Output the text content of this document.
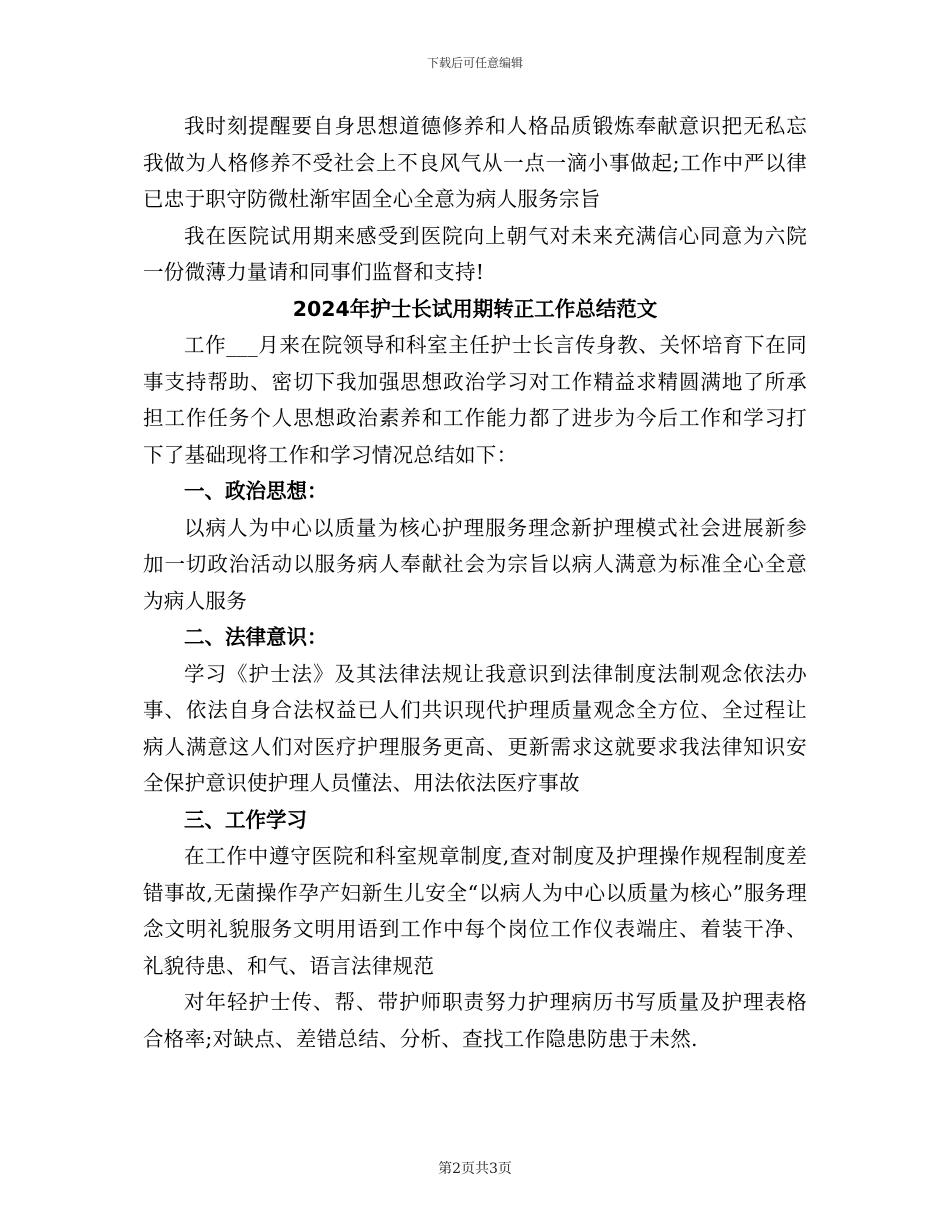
下载后可任意编辑

我时刻提醒要自身思想道德修养和人格品质锻炼奉献意识把无私忘我做为人格修养不受社会上不良风气从一点一滴小事做起;工作中严以律已忠于职守防微杜渐牢固全心全意为病人服务宗旨

我在医院试用期来感受到医院向上朝气对未来充满信心同意为六院一份微薄力量请和同事们监督和支持!

2024年护士长试用期转正工作总结范文

工作___月来在院领导和科室主任护士长言传身教、关怀培育下在同事支持帮助、密切下我加强思想政治学习对工作精益求精圆满地了所承担工作任务个人思想政治素养和工作能力都了进步为今后工作和学习打下了基础现将工作和学习情况总结如下：

一、政治思想：

以病人为中心以质量为核心护理服务理念新护理模式社会进展新参加一切政治活动以服务病人奉献社会为宗旨以病人满意为标准全心全意为病人服务

二、法律意识：

学习《护士法》及其法律法规让我意识到法律制度法制观念依法办事、依法自身合法权益已人们共识现代护理质量观念全方位、全过程让病人满意这人们对医疗护理服务更高、更新需求这就要求我法律知识安全保护意识使护理人员懂法、用法依法医疗事故

三、工作学习

在工作中遵守医院和科室规章制度,查对制度及护理操作规程制度差错事故,无菌操作孕产妇新生儿安全“以病人为中心以质量为核心”服务理念文明礼貌服务文明用语到工作中每个岗位工作仪表端庄、着装干净、礼貌待患、和气、语言法律规范

对年轻护士传、帮、带护师职责努力护理病历书写质量及护理表格合格率;对缺点、差错总结、分析、查找工作隐患防患于未然.

第2页共3页
